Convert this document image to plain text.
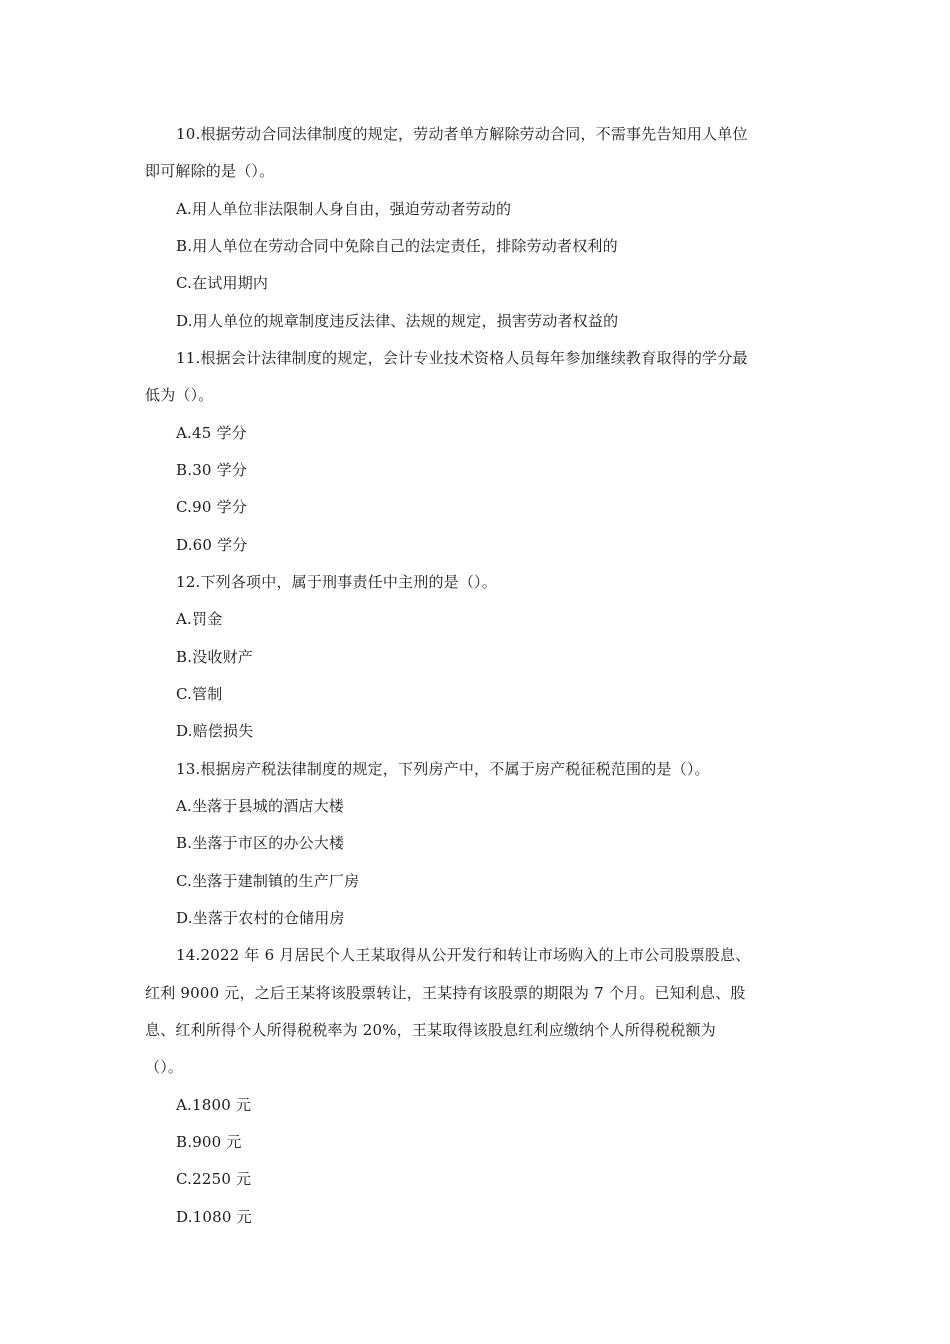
10.根据劳动合同法律制度的规定，劳动者单方解除劳动合同，不需事先告知用人单位
即可解除的是（）。
A.用人单位非法限制人身自由，强迫劳动者劳动的
B.用人单位在劳动合同中免除自己的法定责任，排除劳动者权利的
C.在试用期内
D.用人单位的规章制度违反法律、法规的规定，损害劳动者权益的
11.根据会计法律制度的规定，会计专业技术资格人员每年参加继续教育取得的学分最
低为（）。
A.45 学分
B.30 学分
C.90 学分
D.60 学分
12.下列各项中，属于刑事责任中主刑的是（）。
A.罚金
B.没收财产
C.管制
D.赔偿损失
13.根据房产税法律制度的规定，下列房产中，不属于房产税征税范围的是（）。
A.坐落于县城的酒店大楼
B.坐落于市区的办公大楼
C.坐落于建制镇的生产厂房
D.坐落于农村的仓储用房
14.2022 年 6 月居民个人王某取得从公开发行和转让市场购入的上市公司股票股息、
红利 9000 元，之后王某将该股票转让，王某持有该股票的期限为 7 个月。已知利息、股
息、红利所得个人所得税税率为 20%，王某取得该股息红利应缴纳个人所得税税额为
（）。
A.1800 元
B.900 元
C.2250 元
D.1080 元
